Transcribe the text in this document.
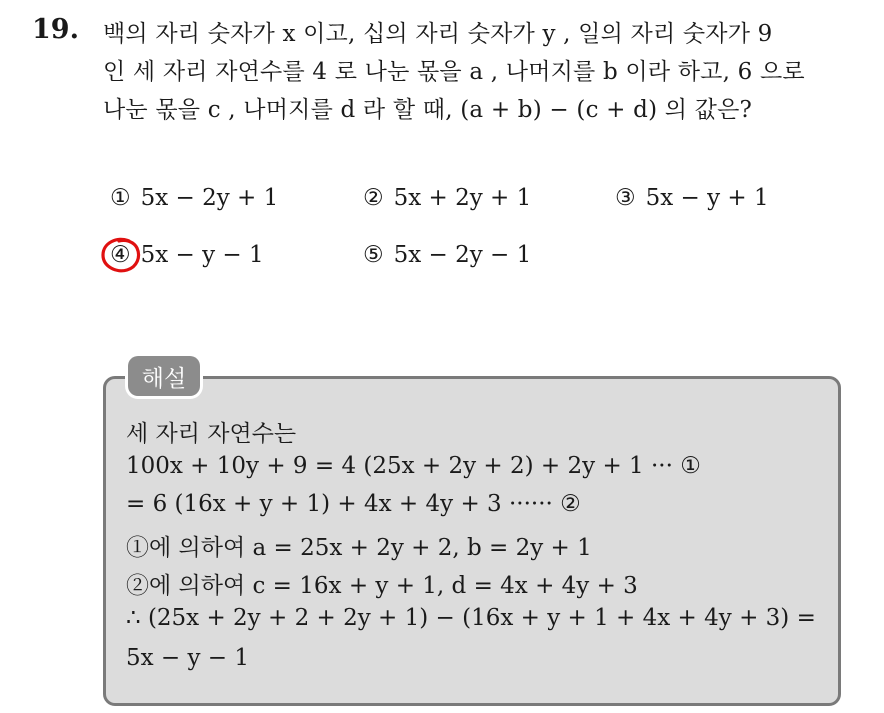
19. 백의 자리 숫자가 x 이고, 십의 자리 숫자가 y , 일의 자리 숫자가 9
인 세 자리 자연수를 4 로 나눈 몫을 a , 나머지를 b 이라 하고, 6 으로
나눈 몫을 c , 나머지를 d 라 할 때, (a + b) − (c + d) 의 값은?
① 5x − 2y + 1	② 5x + 2y + 1	③ 5x − y + 1
④ 5x − y − 1	⑤ 5x − 2y − 1
해설
세 자리 자연수는
100x + 10y + 9 = 4 (25x + 2y + 2) + 2y + 1 ··· ①
= 6 (16x + y + 1) + 4x + 4y + 3 ······ ②
①에 의하여 a = 25x + 2y + 2, b = 2y + 1
②에 의하여 c = 16x + y + 1, d = 4x + 4y + 3
∴ (25x + 2y + 2 + 2y + 1) − (16x + y + 1 + 4x + 4y + 3) =
5x − y − 1
